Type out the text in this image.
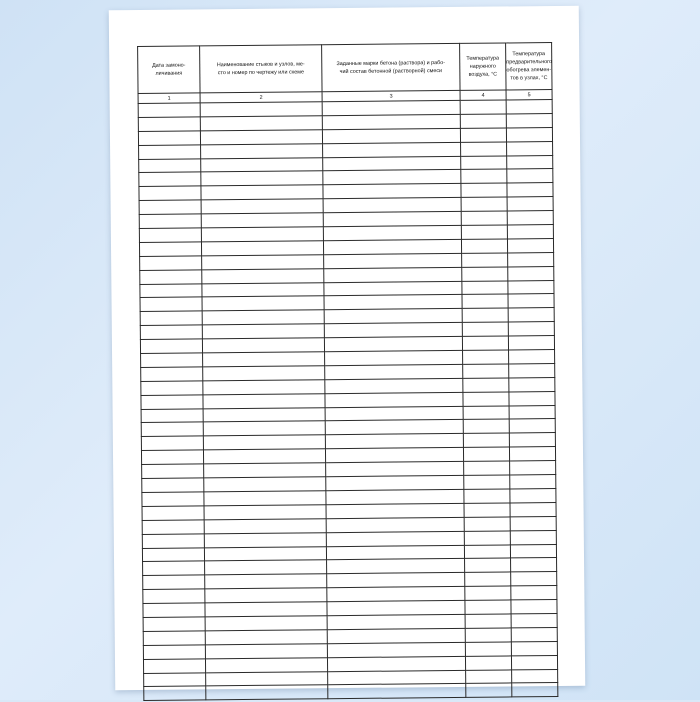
Дата замоно-
личивания	Наименование стыков и узлов, ме-
сто и номер по чертежу или схеме	Заданные марки бетона (раствора) и рабо-
чий состав бетонной (растворной) смеси	Температура
наружного
воздуха, °С	Температура
предварительного
обогрева элемен-
тов в узлах, °С

1	2	3	4	5
